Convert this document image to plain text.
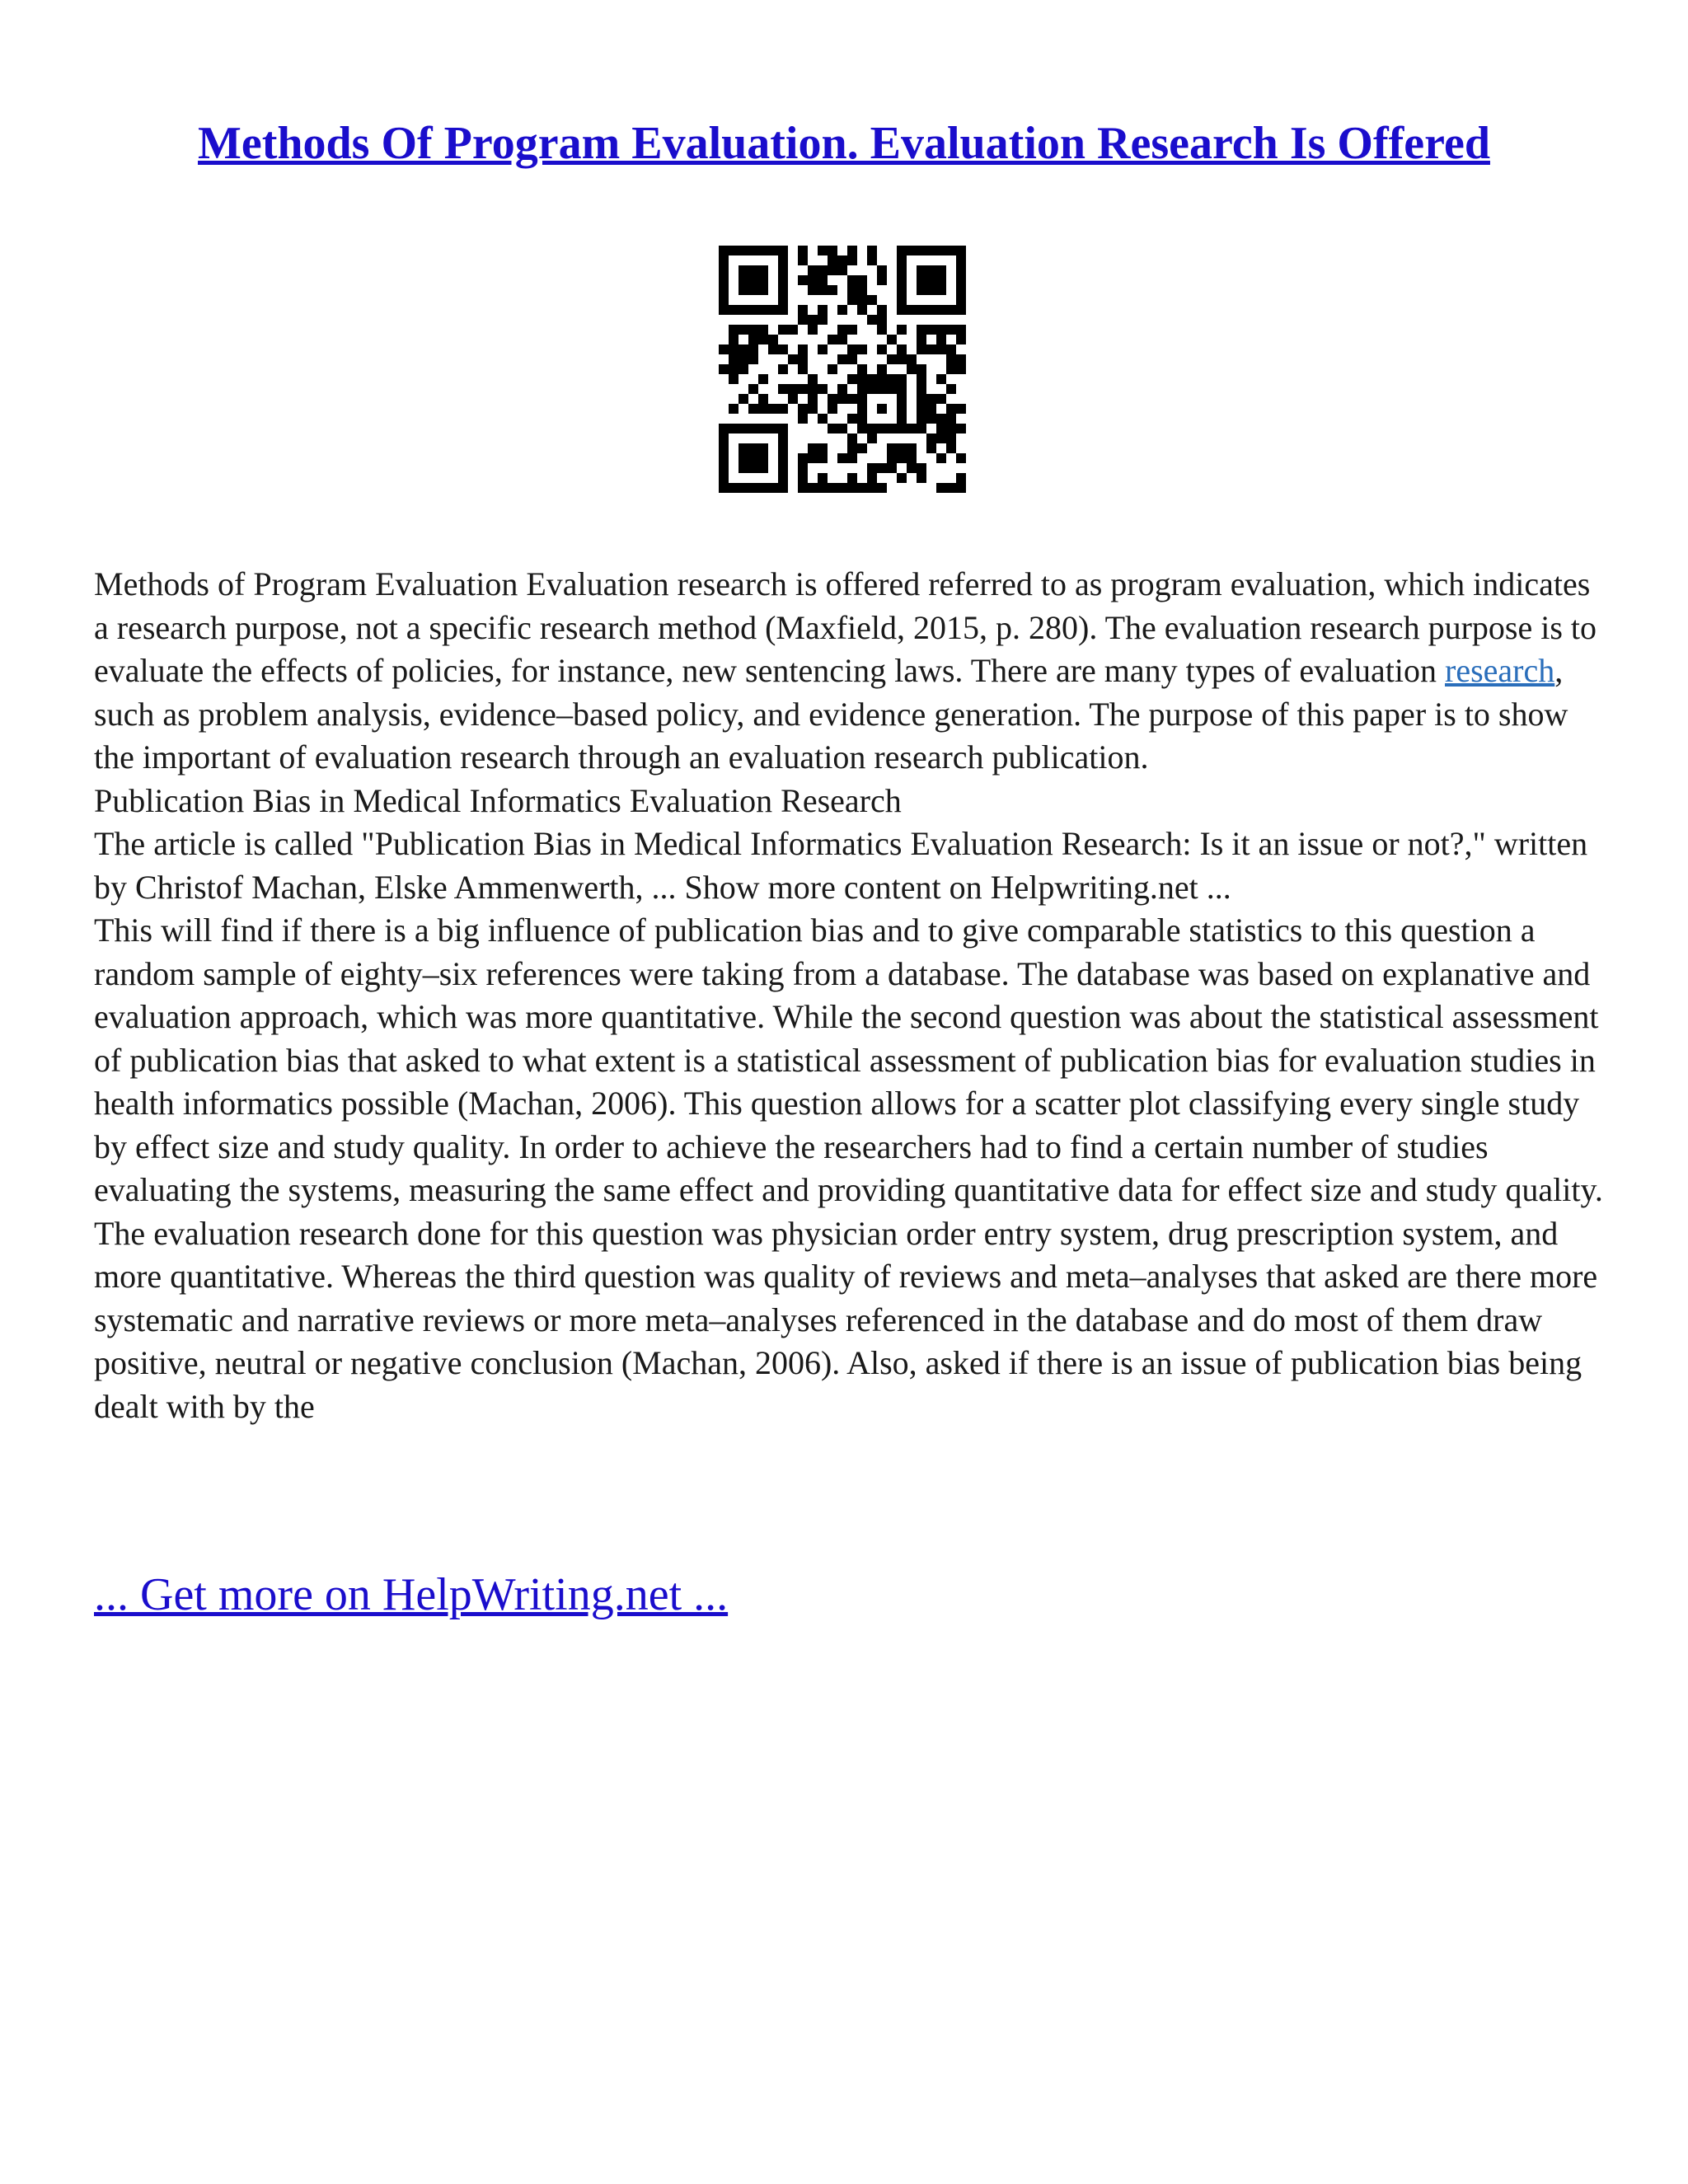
Methods Of Program Evaluation. Evaluation Research Is Offered

Methods of Program Evaluation Evaluation research is offered referred to as program evaluation, which indicates a research purpose, not a specific research method (Maxfield, 2015, p. 280). The evaluation research purpose is to evaluate the effects of policies, for instance, new sentencing laws. There are many types of evaluation research, such as problem analysis, evidence–based policy, and evidence generation. The purpose of this paper is to show the important of evaluation research through an evaluation research publication.

Publication Bias in Medical Informatics Evaluation Research

The article is called "Publication Bias in Medical Informatics Evaluation Research: Is it an issue or not?," written by Christof Machan, Elske Ammenwerth, ... Show more content on Helpwriting.net ...

This will find if there is a big influence of publication bias and to give comparable statistics to this question a random sample of eighty–six references were taking from a database. The database was based on explanative and evaluation approach, which was more quantitative. While the second question was about the statistical assessment of publication bias that asked to what extent is a statistical assessment of publication bias for evaluation studies in health informatics possible (Machan, 2006). This question allows for a scatter plot classifying every single study by effect size and study quality. In order to achieve the researchers had to find a certain number of studies evaluating the systems, measuring the same effect and providing quantitative data for effect size and study quality. The evaluation research done for this question was physician order entry system, drug prescription system, and more quantitative. Whereas the third question was quality of reviews and meta–analyses that asked are there more systematic and narrative reviews or more meta–analyses referenced in the database and do most of them draw positive, neutral or negative conclusion (Machan, 2006). Also, asked if there is an issue of publication bias being dealt with by the

... Get more on HelpWriting.net ...
